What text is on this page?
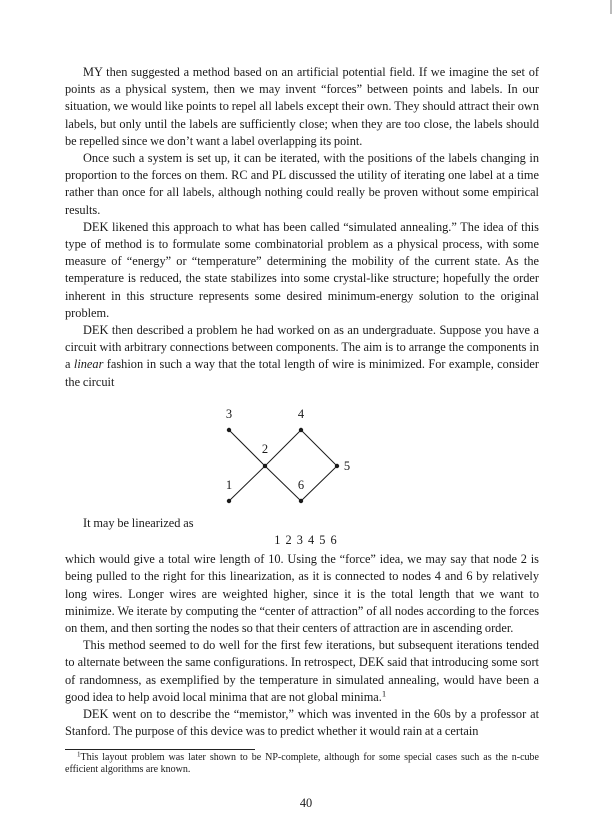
MY then suggested a method based on an artificial potential field. If we imagine the set of points as a physical system, then we may invent “forces” between points and labels. In our situation, we would like points to repel all labels except their own. They should attract their own labels, but only until the labels are sufficiently close; when they are too close, the labels should be repelled since we don’t want a label overlapping its point.

Once such a system is set up, it can be iterated, with the positions of the labels changing in proportion to the forces on them. RC and PL discussed the utility of iterating one label at a time rather than once for all labels, although nothing could really be proven without some empirical results.

DEK likened this approach to what has been called “simulated annealing.” The idea of this type of method is to formulate some combinatorial problem as a physical process, with some measure of “energy” or “temperature” determining the mobility of the current state. As the temperature is reduced, the state stabilizes into some crystal-like structure; hopefully the order inherent in this structure represents some desired minimum-energy solution to the original problem.

DEK then described a problem he had worked on as an undergraduate. Suppose you have a circuit with arbitrary connections between components. The aim is to arrange the components in a linear fashion in such a way that the total length of wire is minimized. For example, consider the circuit

1
2
3	4
5
6

It may be linearized as

1 2 3 4 5 6

which would give a total wire length of 10. Using the “force” idea, we may say that node 2 is being pulled to the right for this linearization, as it is connected to nodes 4 and 6 by relatively long wires. Longer wires are weighted higher, since it is the total length that we want to minimize. We iterate by computing the “center of attraction” of all nodes according to the forces on them, and then sorting the nodes so that their centers of attraction are in ascending order.

This method seemed to do well for the first few iterations, but subsequent iterations tended to alternate between the same configurations. In retrospect, DEK said that introducing some sort of randomness, as exemplified by the temperature in simulated annealing, would have been a good idea to help avoid local minima that are not global minima.$^1$

DEK went on to describe the “memistor,” which was invented in the 60s by a professor at Stanford. The purpose of this device was to predict whether it would rain at a certain

$^1$This layout problem was later shown to be NP-complete, although for some special cases such as the n-cube efficient algorithms are known.

40
